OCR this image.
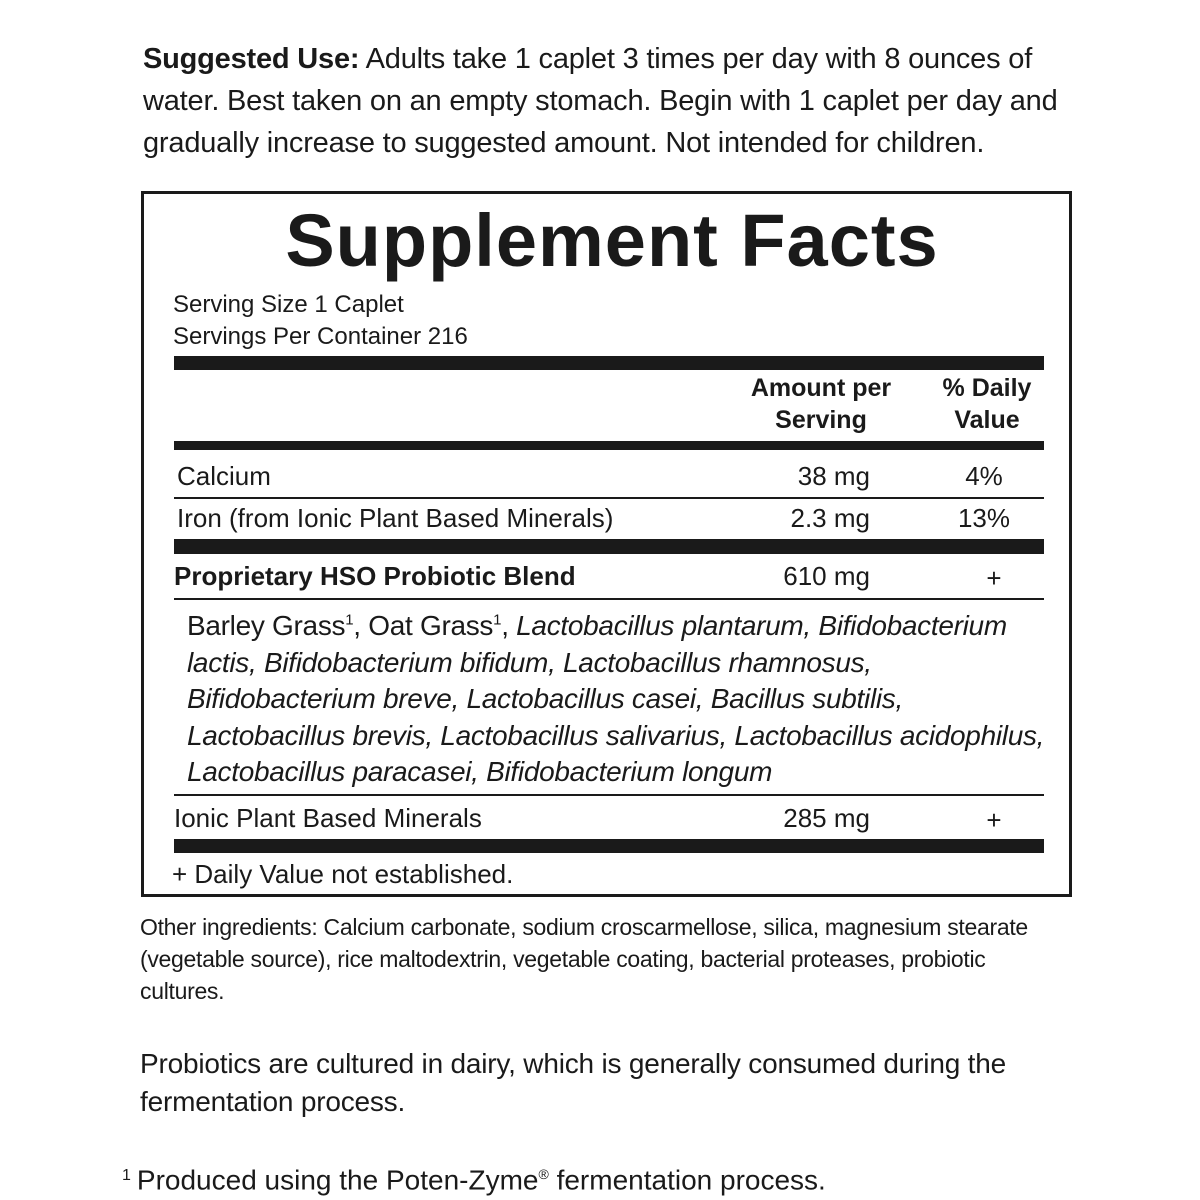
Suggested Use: Adults take 1 caplet 3 times per day with 8 ounces of water. Best taken on an empty stomach. Begin with 1 caplet per day and gradually increase to suggested amount. Not intended for children.
Supplement Facts
Serving Size 1 Caplet
Servings Per Container 216
Amount per
Serving
% Daily
Value
Calcium	38 mg	4%
Iron (from Ionic Plant Based Minerals)	2.3 mg	13%
Proprietary HSO Probiotic Blend	610 mg	+
Barley Grass$^1$, Oat Grass$^1$, Lactobacillus plantarum, Bifidobacterium lactis, Bifidobacterium bifidum, Lactobacillus rhamnosus, Bifidobacterium breve, Lactobacillus casei, Bacillus subtilis, Lactobacillus brevis, Lactobacillus salivarius, Lactobacillus acidophilus, Lactobacillus paracasei, Bifidobacterium longum
Ionic Plant Based Minerals	285 mg	+
+ Daily Value not established.
Other ingredients: Calcium carbonate, sodium croscarmellose, silica, magnesium stearate (vegetable source), rice maltodextrin, vegetable coating, bacterial proteases, probiotic cultures.
Probiotics are cultured in dairy, which is generally consumed during the fermentation process.
$^1$ Produced using the Poten-Zyme® fermentation process.
